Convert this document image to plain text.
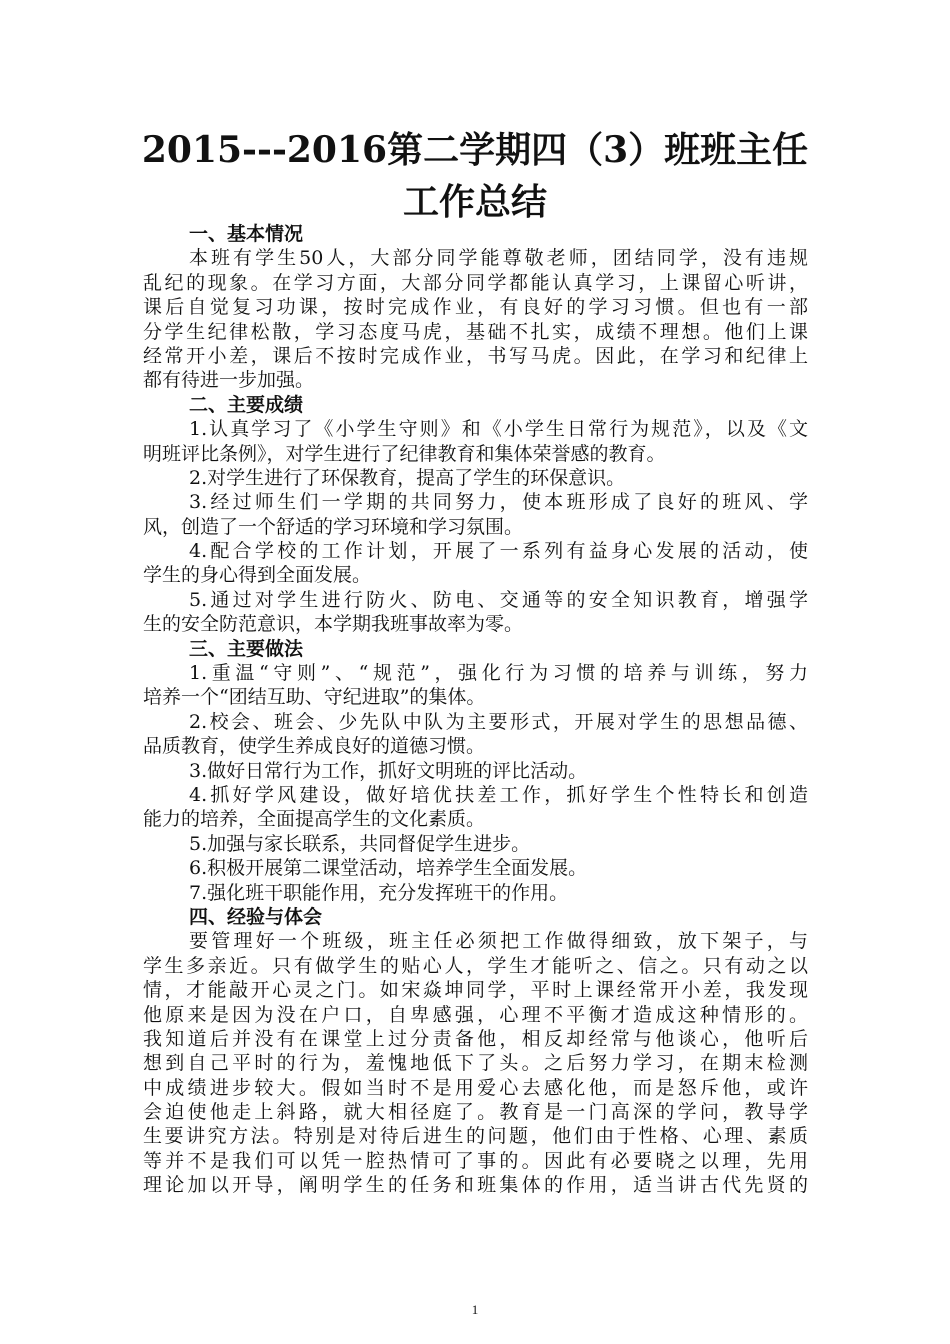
2015---2016第二学期四（3）班班主任
工作总结
一、基本情况
本班有学生50人，大部分同学能尊敬老师，团结同学，没有违规
乱纪的现象。在学习方面，大部分同学都能认真学习，上课留心听讲，
课后自觉复习功课，按时完成作业，有良好的学习习惯。但也有一部
分学生纪律松散，学习态度马虎，基础不扎实，成绩不理想。他们上课
经常开小差，课后不按时完成作业，书写马虎。因此，在学习和纪律上
都有待进一步加强。
二、主要成绩
1.认真学习了《小学生守则》和《小学生日常行为规范》，以及《文
明班评比条例》，对学生进行了纪律教育和集体荣誉感的教育。
2.对学生进行了环保教育，提高了学生的环保意识。
3.经过师生们一学期的共同努力，使本班形成了良好的班风、学
风，创造了一个舒适的学习环境和学习氛围。
4.配合学校的工作计划，开展了一系列有益身心发展的活动，使
学生的身心得到全面发展。
5.通过对学生进行防火、防电、交通等的安全知识教育，增强学
生的安全防范意识，本学期我班事故率为零。
三、主要做法
1.重温“守则”、“规范”，强化行为习惯的培养与训练，努力
培养一个“团结互助、守纪进取”的集体。
2.校会、班会、少先队中队为主要形式，开展对学生的思想品德、
品质教育，使学生养成良好的道德习惯。
3.做好日常行为工作，抓好文明班的评比活动。
4.抓好学风建设，做好培优扶差工作，抓好学生个性特长和创造
能力的培养，全面提高学生的文化素质。
5.加强与家长联系，共同督促学生进步。
6.积极开展第二课堂活动，培养学生全面发展。
7.强化班干职能作用，充分发挥班干的作用。
四、经验与体会
要管理好一个班级，班主任必须把工作做得细致，放下架子，与
学生多亲近。只有做学生的贴心人，学生才能听之、信之。只有动之以
情，才能敲开心灵之门。如宋焱坤同学，平时上课经常开小差，我发现
他原来是因为没在户口，自卑感强，心理不平衡才造成这种情形的。
我知道后并没有在课堂上过分责备他，相反却经常与他谈心，他听后
想到自己平时的行为，羞愧地低下了头。之后努力学习，在期末检测
中成绩进步较大。假如当时不是用爱心去感化他，而是怒斥他，或许
会迫使他走上斜路，就大相径庭了。教育是一门高深的学问，教导学
生要讲究方法。特别是对待后进生的问题，他们由于性格、心理、素质
等并不是我们可以凭一腔热情可了事的。因此有必要晓之以理，先用
理论加以开导，阐明学生的任务和班集体的作用，适当讲古代先贤的
1
